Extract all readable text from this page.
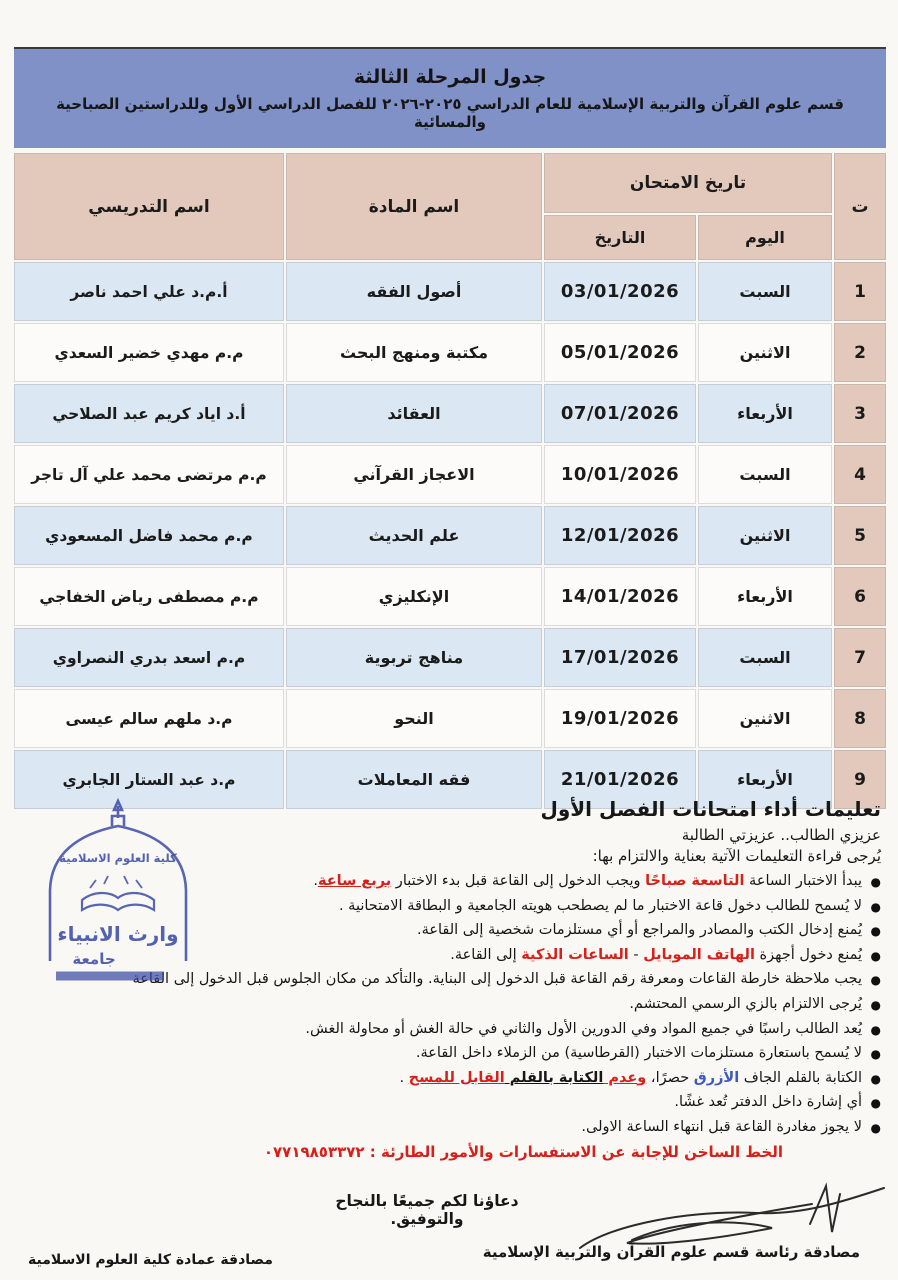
جدول المرحلة الثالثة
قسم علوم القرآن والتربية الإسلامية للعام الدراسي ٢٠٢٥-٢٠٢٦ للفصل الدراسي الأول وللدراستين الصباحية والمسائية
ت	تاريخ الامتحان		اسم المادة	اسم التدريسي
	اليوم	التاريخ		
1	السبت	03/01/2026	أصول الفقه	أ.م.د علي احمد ناصر
2	الاثنين	05/01/2026	مكتبة ومنهج البحث	م.م مهدي خضير السعدي
3	الأربعاء	07/01/2026	العقائد	أ.د اياد كريم عبد الصلاحي
4	السبت	10/01/2026	الاعجاز القرآني	م.م مرتضى محمد علي آل تاجر
5	الاثنين	12/01/2026	علم الحديث	م.م محمد فاضل المسعودي
6	الأربعاء	14/01/2026	الإنكليزي	م.م مصطفى رياض الخفاجي
7	السبت	17/01/2026	مناهج تربوية	م.م اسعد بدري النصراوي
8	الاثنين	19/01/2026	النحو	م.د ملهم سالم عيسى
9	الأربعاء	21/01/2026	فقه المعاملات	م.د عبد الستار الجابري
تعليمات أداء امتحانات الفصل الأول
عزيزي الطالب.. عزيزتي الطالبة
يُرجى قراءة التعليمات الآتية بعناية والالتزام بها:
● يبدأ الاختبار الساعة التاسعة صباحًا ويجب الدخول إلى القاعة قبل بدء الاختبار بربع ساعة.
● لا يُسمح للطالب دخول قاعة الاختبار ما لم يصطحب هويته الجامعية و البطاقة الامتحانية .
● يُمنع إدخال الكتب والمصادر والمراجع أو أي مستلزمات شخصية إلى القاعة.
● يُمنع دخول أجهزة الهاتف الموبايل - الساعات الذكية إلى القاعة.
● يجب ملاحظة خارطة القاعات ومعرفة رقم القاعة قبل الدخول إلى البناية. والتأكد من مكان الجلوس قبل الدخول إلى القاعة
● يُرجى الالتزام بالزي الرسمي المحتشم.
● يُعد الطالب راسبًا في جميع المواد وفي الدورين الأول والثاني في حالة الغش أو محاولة الغش.
● لا يُسمح باستعارة مستلزمات الاختبار (القرطاسية) من الزملاء داخل القاعة.
● الكتابة بالقلم الجاف الأزرق حصرًا، وعدم الكتابة بالقلم القابل للمسح .
● أي إشارة داخل الدفتر تُعد غشًا.
● لا يجوز مغادرة القاعة قبل انتهاء الساعة الاولى.
الخط الساخن للإجابة عن الاستفسارات والأمور الطارئة : ٠٧٧١٩٨٥٣٣٧٢
دعاؤنا لكم جميعًا بالنجاح والتوفيق.
كلية العلوم الاسلامية
وارث الانبياء
جامعة
مصادقة رئاسة قسم علوم القرآن والتربية الإسلامية
مصادقة عمادة كلية العلوم الاسلامية
